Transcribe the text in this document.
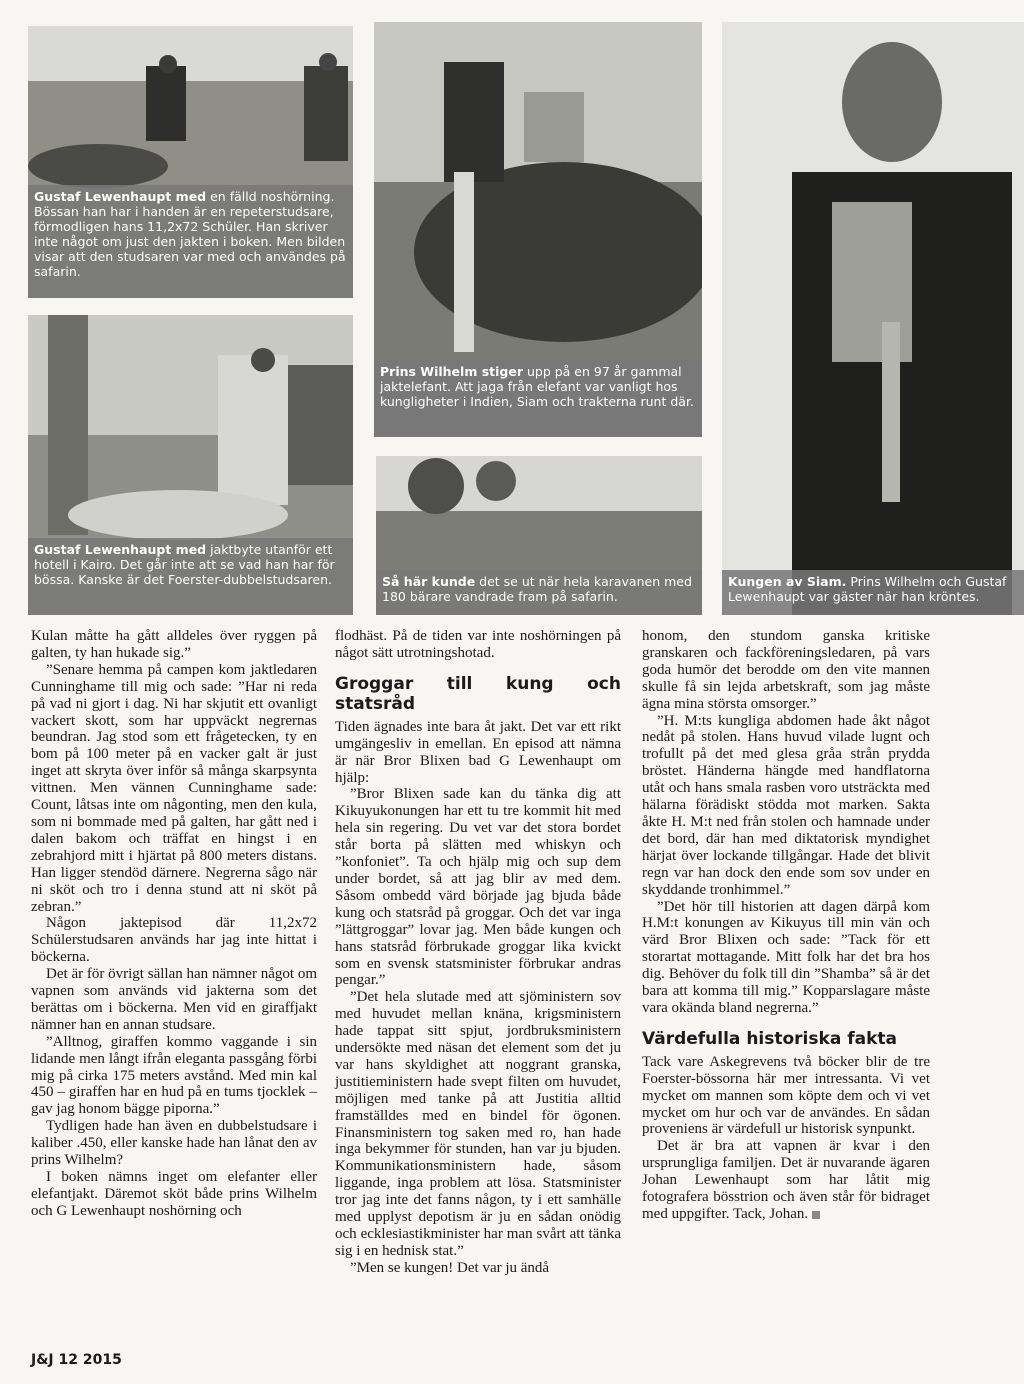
Gustaf Lewenhaupt med en fälld noshörning. Bössan han har i handen är en repeterstudsare, förmodligen hans 11,2x72 Schüler. Han skriver inte något om just den jakten i boken. Men bilden visar att den studsaren var med och användes på safarin.
Gustaf Lewenhaupt med jaktbyte utanför ett hotell i Kairo. Det går inte att se vad han har för bössa. Kanske är det Foerster-dubbelstudsaren.
Prins Wilhelm stiger upp på en 97 år gammal jaktelefant. Att jaga från elefant var vanligt hos kungligheter i Indien, Siam och trakterna runt där.
Så här kunde det se ut när hela karavanen med 180 bärare vandrade fram på safarin.
Kungen av Siam. Prins Wilhelm och Gustaf Lewenhaupt var gäster när han kröntes.

Kulan måtte ha gått alldeles över ryggen på galten, ty han hukade sig.”

”Senare hemma på campen kom jaktledaren Cunninghame till mig och sade: ”Har ni reda på vad ni gjort i dag. Ni har skjutit ett ovanligt vackert skott, som har uppväckt negrernas beundran. Jag stod som ett frågetecken, ty en bom på 100 meter på en vacker galt är just inget att skryta över inför så många skarpsynta vittnen. Men vännen Cunninghame sade: Count, låtsas inte om någonting, men den kula, som ni bommade med på galten, har gått ned i dalen bakom och träffat en hingst i en zebrahjord mitt i hjärtat på 800 meters distans. Han ligger stendöd därnere. Negrerna sågo när ni sköt och tro i denna stund att ni sköt på zebran.”

Någon jaktepisod där 11,2x72 Schülerstudsaren används har jag inte hittat i böckerna.

Det är för övrigt sällan han nämner något om vapnen som används vid jakterna som det berättas om i böckerna. Men vid en giraffjakt nämner han en annan studsare.

”Alltnog, giraffen kommo vaggande i sin lidande men långt ifrån eleganta passgång förbi mig på cirka 175 meters avstånd. Med min kal 450 – giraffen har en hud på en tums tjocklek – gav jag honom bägge piporna.”

Tydligen hade han även en dubbelstudsare i kaliber .450, eller kanske hade han lånat den av prins Wilhelm?

I boken nämns inget om elefanter eller elefantjakt. Däremot sköt både prins Wilhelm och G Lewenhaupt noshörning och

flodhäst. På de tiden var inte noshörningen på något sätt utrotningshotad.

Groggar till kung och statsråd

Tiden ägnades inte bara åt jakt. Det var ett rikt umgängesliv in emellan. En episod att nämna är när Bror Blixen bad G Lewenhaupt om hjälp:

”Bror Blixen sade kan du tänka dig att Kikuyukonungen har ett tu tre kommit hit med hela sin regering. Du vet var det stora bordet står borta på slätten med whiskyn och ”konfoniet”. Ta och hjälp mig och sup dem under bordet, så att jag blir av med dem. Såsom ombedd värd började jag bjuda både kung och statsråd på groggar. Och det var inga ”lättgroggar” lovar jag. Men både kungen och hans statsråd förbrukade groggar lika kvickt som en svensk statsminister förbrukar andras pengar.”

”Det hela slutade med att sjöministern sov med huvudet mellan knäna, krigsministern hade tappat sitt spjut, jordbruksministern undersökte med näsan det element som det ju var hans skyldighet att noggrant granska, justitieministern hade svept filten om huvudet, möjligen med tanke på att Justitia alltid framställdes med en bindel för ögonen. Finansministern tog saken med ro, han hade inga bekymmer för stunden, han var ju bjuden. Kommunikationsministern hade, såsom liggande, inga problem att lösa. Statsminister tror jag inte det fanns någon, ty i ett samhälle med upplyst depotism är ju en sådan onödig och ecklesiastikminister har man svårt att tänka sig i en hednisk stat.”

”Men se kungen! Det var ju ändå

honom, den stundom ganska kritiske granskaren och fackföreningsledaren, på vars goda humör det berodde om den vite mannen skulle få sin lejda arbetskraft, som jag måste ägna mina största omsorger.”

”H. M:ts kungliga abdomen hade åkt något nedåt på stolen. Hans huvud vilade lugnt och trofullt på det med glesa gråa strån prydda bröstet. Händerna hängde med handflatorna utåt och hans smala rasben voro utsträckta med hälarna förädiskt stödda mot marken. Sakta åkte H. M:t ned från stolen och hamnade under det bord, där han med diktatorisk myndighet härjat över lockande tillgångar. Hade det blivit regn var han dock den ende som sov under en skyddande tronhimmel.”

”Det hör till historien att dagen därpå kom H.M:t konungen av Kikuyus till min vän och värd Bror Blixen och sade: ”Tack för ett storartat mottagande. Mitt folk har det bra hos dig. Behöver du folk till din ”Shamba” så är det bara att komma till mig.” Kopparslagare måste vara okända bland negrerna.”

Värdefulla historiska fakta

Tack vare Askegrevens två böcker blir de tre Foerster-bössorna här mer intressanta. Vi vet mycket om mannen som köpte dem och vi vet mycket om hur och var de användes. En sådan proveniens är värdefull ur historisk synpunkt.

Det är bra att vapnen är kvar i den ursprungliga familjen. Det är nuvarande ägaren Johan Lewenhaupt som har låtit mig fotografera bösstrion och även står för bidraget med uppgifter. Tack, Johan.

J&J 12 2015
